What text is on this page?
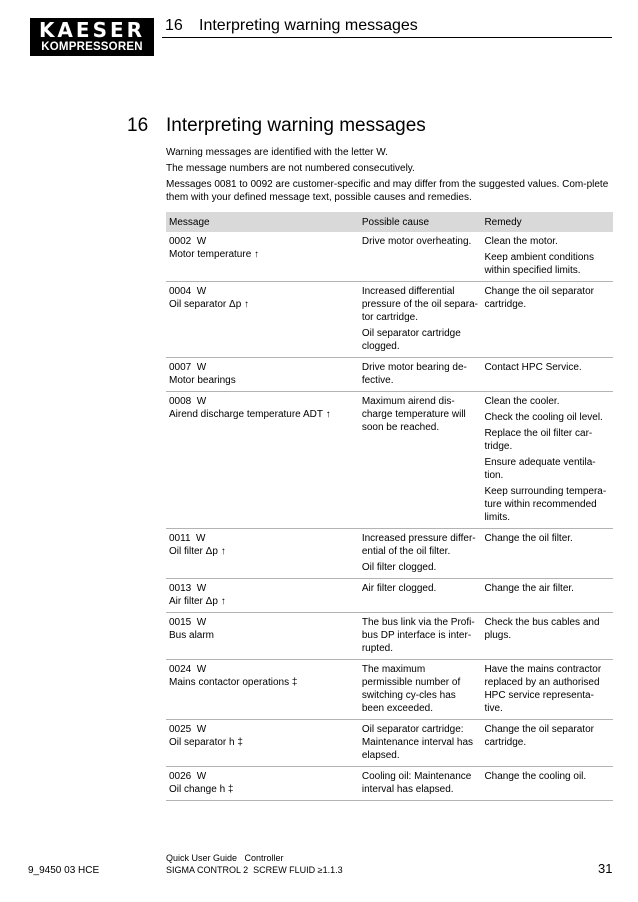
KAESER
KOMPRESSOREN
16 Interpreting warning messages
16 Interpreting warning messages

Warning messages are identified with the letter W.

The message numbers are not numbered consecutively.

Messages 0081 to 0092 are customer-specific and may differ from the suggested values. Com-plete them with your defined message text, possible causes and remedies.

Message	Possible cause	Remedy

0002  W
Motor temperature ↑	Drive motor overheating.	Clean the motor.
Keep ambient conditions within specified limits.

0004  W
Oil separator Δp ↑	Increased differential pressure of the oil separa-tor cartridge.
Oil separator cartridge clogged.	Change the oil separator cartridge.

0007  W
Motor bearings	Drive motor bearing de-fective.	Contact HPC Service.

0008  W
Airend discharge temperature ADT ↑	Maximum airend dis-charge temperature will soon be reached.	Clean the cooler.
Check the cooling oil level.
Replace the oil filter car-tridge.
Ensure adequate ventila-tion.
Keep surrounding tempera-ture within recommended limits.

0011  W
Oil filter Δp ↑	Increased pressure differ-ential of the oil filter.
Oil filter clogged.	Change the oil filter.

0013  W
Air filter Δp ↑	Air filter clogged.	Change the air filter.

0015  W
Bus alarm	The bus link via the Profi-bus DP interface is inter-rupted.	Check the bus cables and plugs.

0024  W
Mains contactor operations ‡	The maximum permissible number of switching cy-cles has been exceeded.	Have the mains contractor replaced by an authorised HPC service representa-tive.

0025  W
Oil separator h ‡	Oil separator cartridge: Maintenance interval has elapsed.	Change the oil separator cartridge.

0026  W
Oil change h ‡	Cooling oil: Maintenance interval has elapsed.	Change the cooling oil.
9_9450 03 HCE
Quick User Guide   Controller
SIGMA CONTROL 2  SCREW FLUID ≥1.1.3	31
